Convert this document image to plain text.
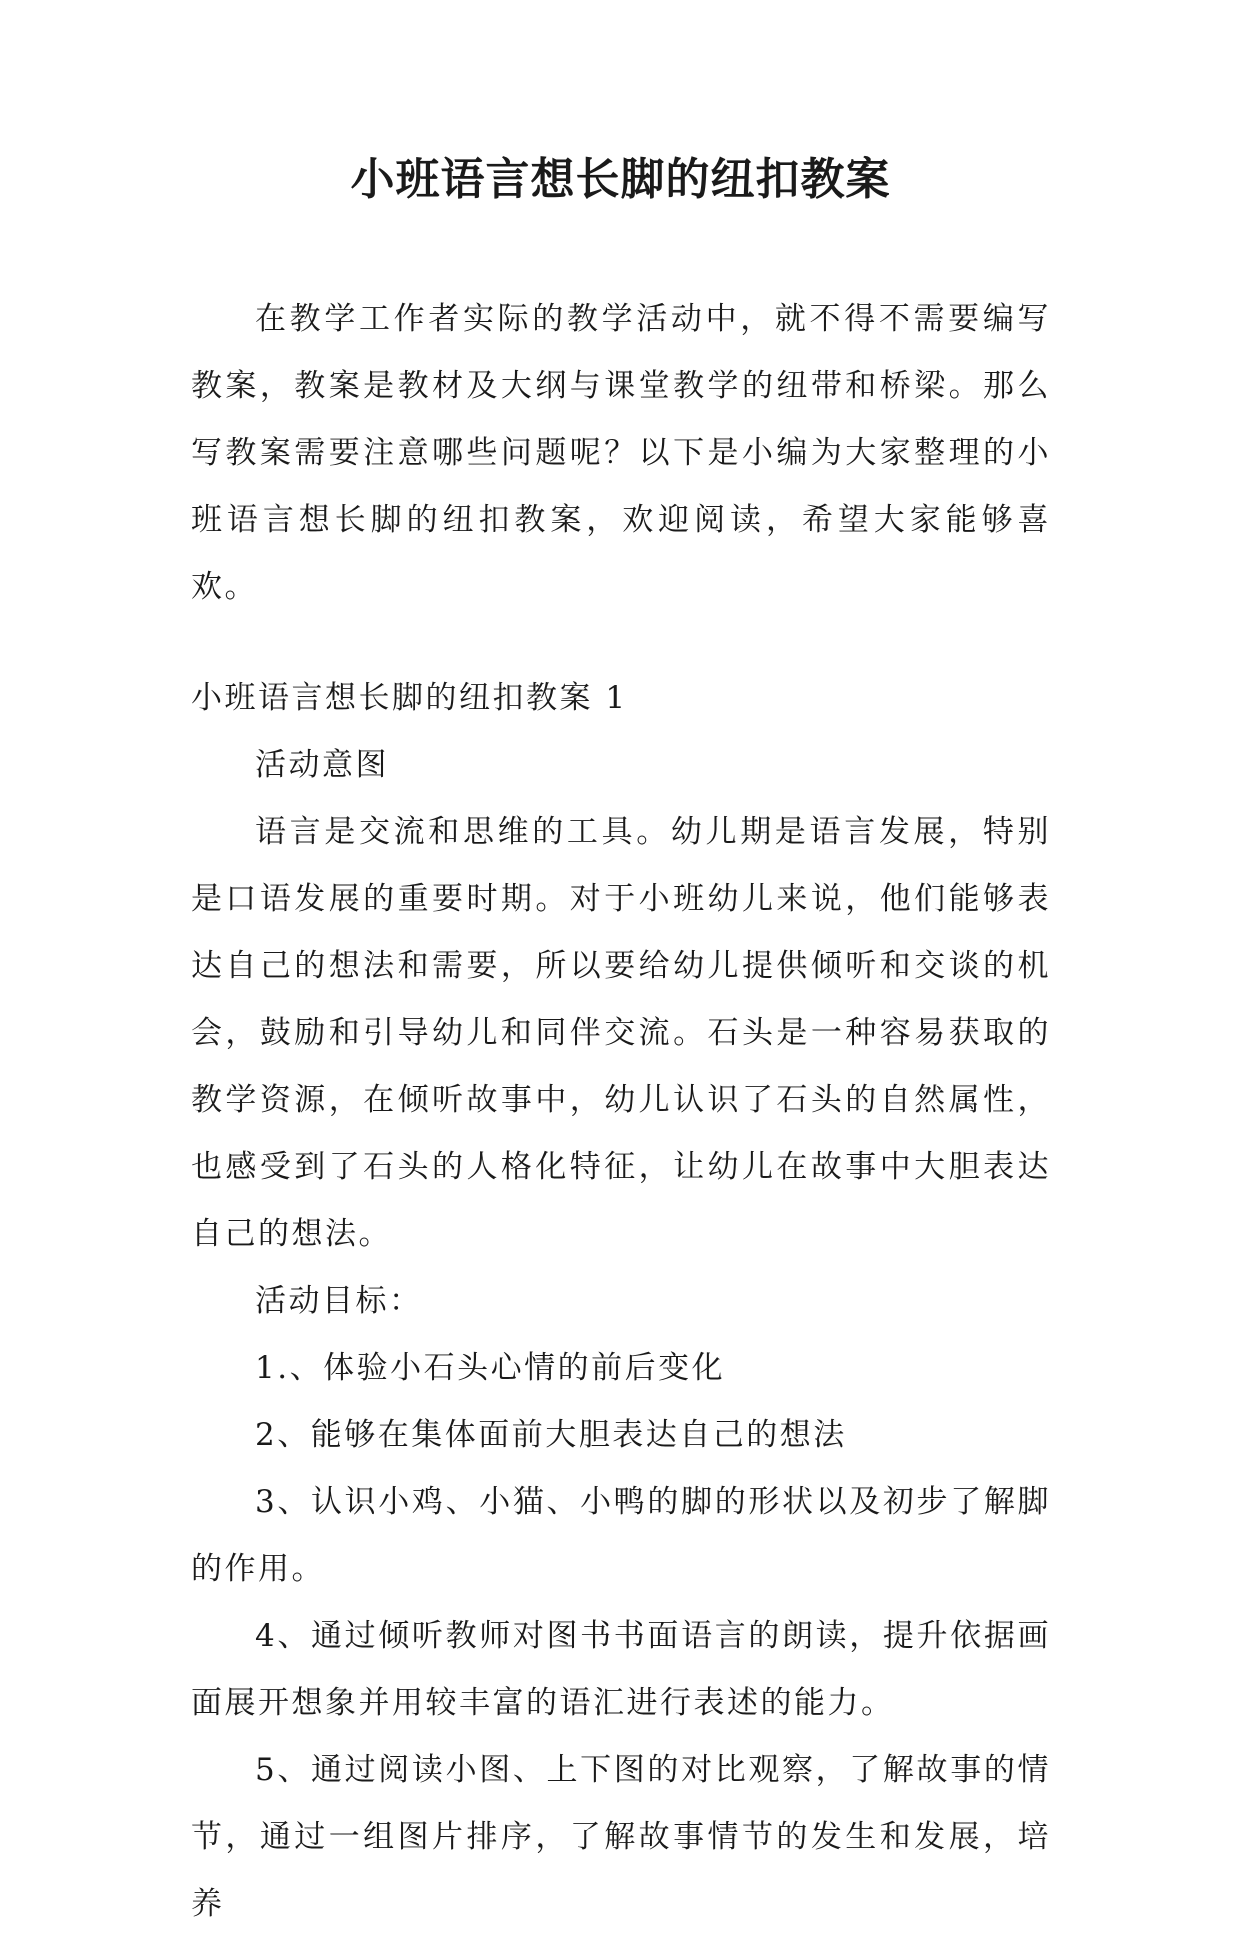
小班语言想长脚的纽扣教案

在教学工作者实际的教学活动中，就不得不需要编写教案，教案是教材及大纲与课堂教学的纽带和桥梁。那么写教案需要注意哪些问题呢？以下是小编为大家整理的小班语言想长脚的纽扣教案，欢迎阅读，希望大家能够喜欢。

小班语言想长脚的纽扣教案 1

活动意图

语言是交流和思维的工具。幼儿期是语言发展，特别是口语发展的重要时期。对于小班幼儿来说，他们能够表达自己的想法和需要，所以要给幼儿提供倾听和交谈的机会，鼓励和引导幼儿和同伴交流。石头是一种容易获取的教学资源，在倾听故事中，幼儿认识了石头的自然属性，也感受到了石头的人格化特征，让幼儿在故事中大胆表达自己的想法。

活动目标：

1.、体验小石头心情的前后变化

2、能够在集体面前大胆表达自己的想法

3、认识小鸡、小猫、小鸭的脚的形状以及初步了解脚的作用。

4、通过倾听教师对图书书面语言的朗读，提升依据画面展开想象并用较丰富的语汇进行表述的能力。

5、通过阅读小图、上下图的对比观察，了解故事的情节，通过一组图片排序，了解故事情节的发生和发展，培养
